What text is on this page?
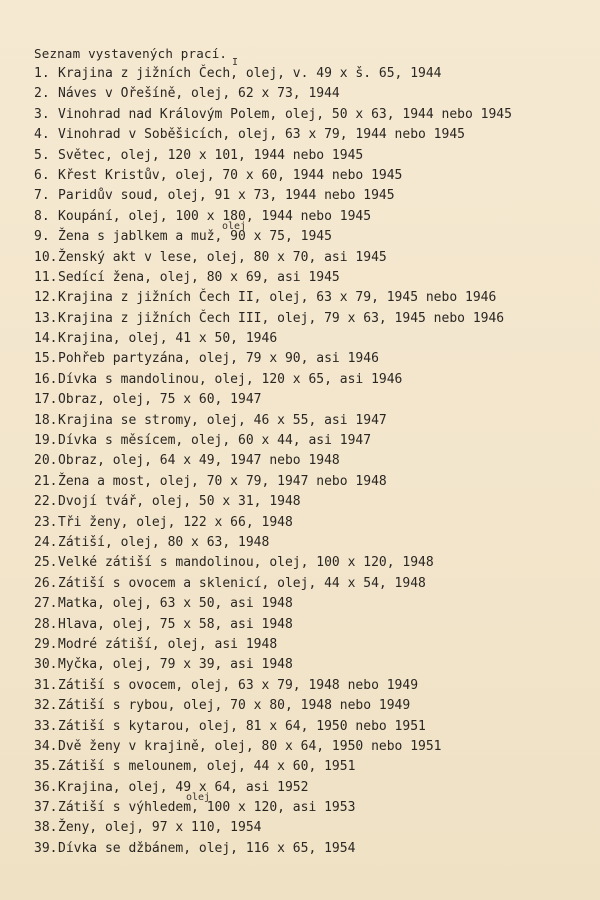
Seznam vystavených prací.
1. Krajina z jižních Čech, olej, v. 49 x š. 65, 1944
I
2. Náves v Ořešíně, olej, 62 x 73, 1944
3. Vinohrad nad Královým Polem, olej, 50 x 63, 1944 nebo 1945
4. Vinohrad v Soběšicích, olej, 63 x 79, 1944 nebo 1945
5. Světec, olej, 120 x 101, 1944 nebo 1945
6. Křest Kristův, olej, 70 x 60, 1944 nebo 1945
7. Paridův soud, olej, 91 x 73, 1944 nebo 1945
8. Koupání, olej, 100 x 180, 1944 nebo 1945
9. Žena s jablkem a muž, 90 x 75, 1945
olej
10. Ženský akt v lese, olej, 80 x 70, asi 1945
11. Sedící žena, olej, 80 x 69, asi 1945
12. Krajina z jižních Čech II, olej, 63 x 79, 1945 nebo 1946
13. Krajina z jižních Čech III, olej, 79 x 63, 1945 nebo 1946
14. Krajina, olej, 41 x 50, 1946
15. Pohřeb partyzána, olej, 79 x 90, asi 1946
16. Dívka s mandolinou, olej, 120 x 65, asi 1946
17. Obraz, olej, 75 x 60, 1947
18. Krajina se stromy, olej, 46 x 55, asi 1947
19. Dívka s měsícem, olej, 60 x 44, asi 1947
20. Obraz, olej, 64 x 49, 1947 nebo 1948
21. Žena a most, olej, 70 x 79, 1947 nebo 1948
22. Dvojí tvář, olej, 50 x 31, 1948
23. Tři ženy, olej, 122 x 66, 1948
24. Zátiší, olej, 80 x 63, 1948
25. Velké zátiší s mandolinou, olej, 100 x 120, 1948
26. Zátiší s ovocem a sklenicí, olej, 44 x 54, 1948
27. Matka, olej, 63 x 50, asi 1948
28. Hlava, olej, 75 x 58, asi 1948
29. Modré zátiší, olej, asi 1948
30. Myčka, olej, 79 x 39, asi 1948
31. Zátiší s ovocem, olej, 63 x 79, 1948 nebo 1949
32. Zátiší s rybou, olej, 70 x 80, 1948 nebo 1949
33. Zátiší s kytarou, olej, 81 x 64, 1950 nebo 1951
34. Dvě ženy v krajině, olej, 80 x 64, 1950 nebo 1951
35. Zátiší s melounem, olej, 44 x 60, 1951
36. Krajina, olej, 49 x 64, asi 1952
37. Zátiší s výhledem, 100 x 120, asi 1953
olej
38. Ženy, olej, 97 x 110, 1954
39. Dívka se džbánem, olej, 116 x 65, 1954
